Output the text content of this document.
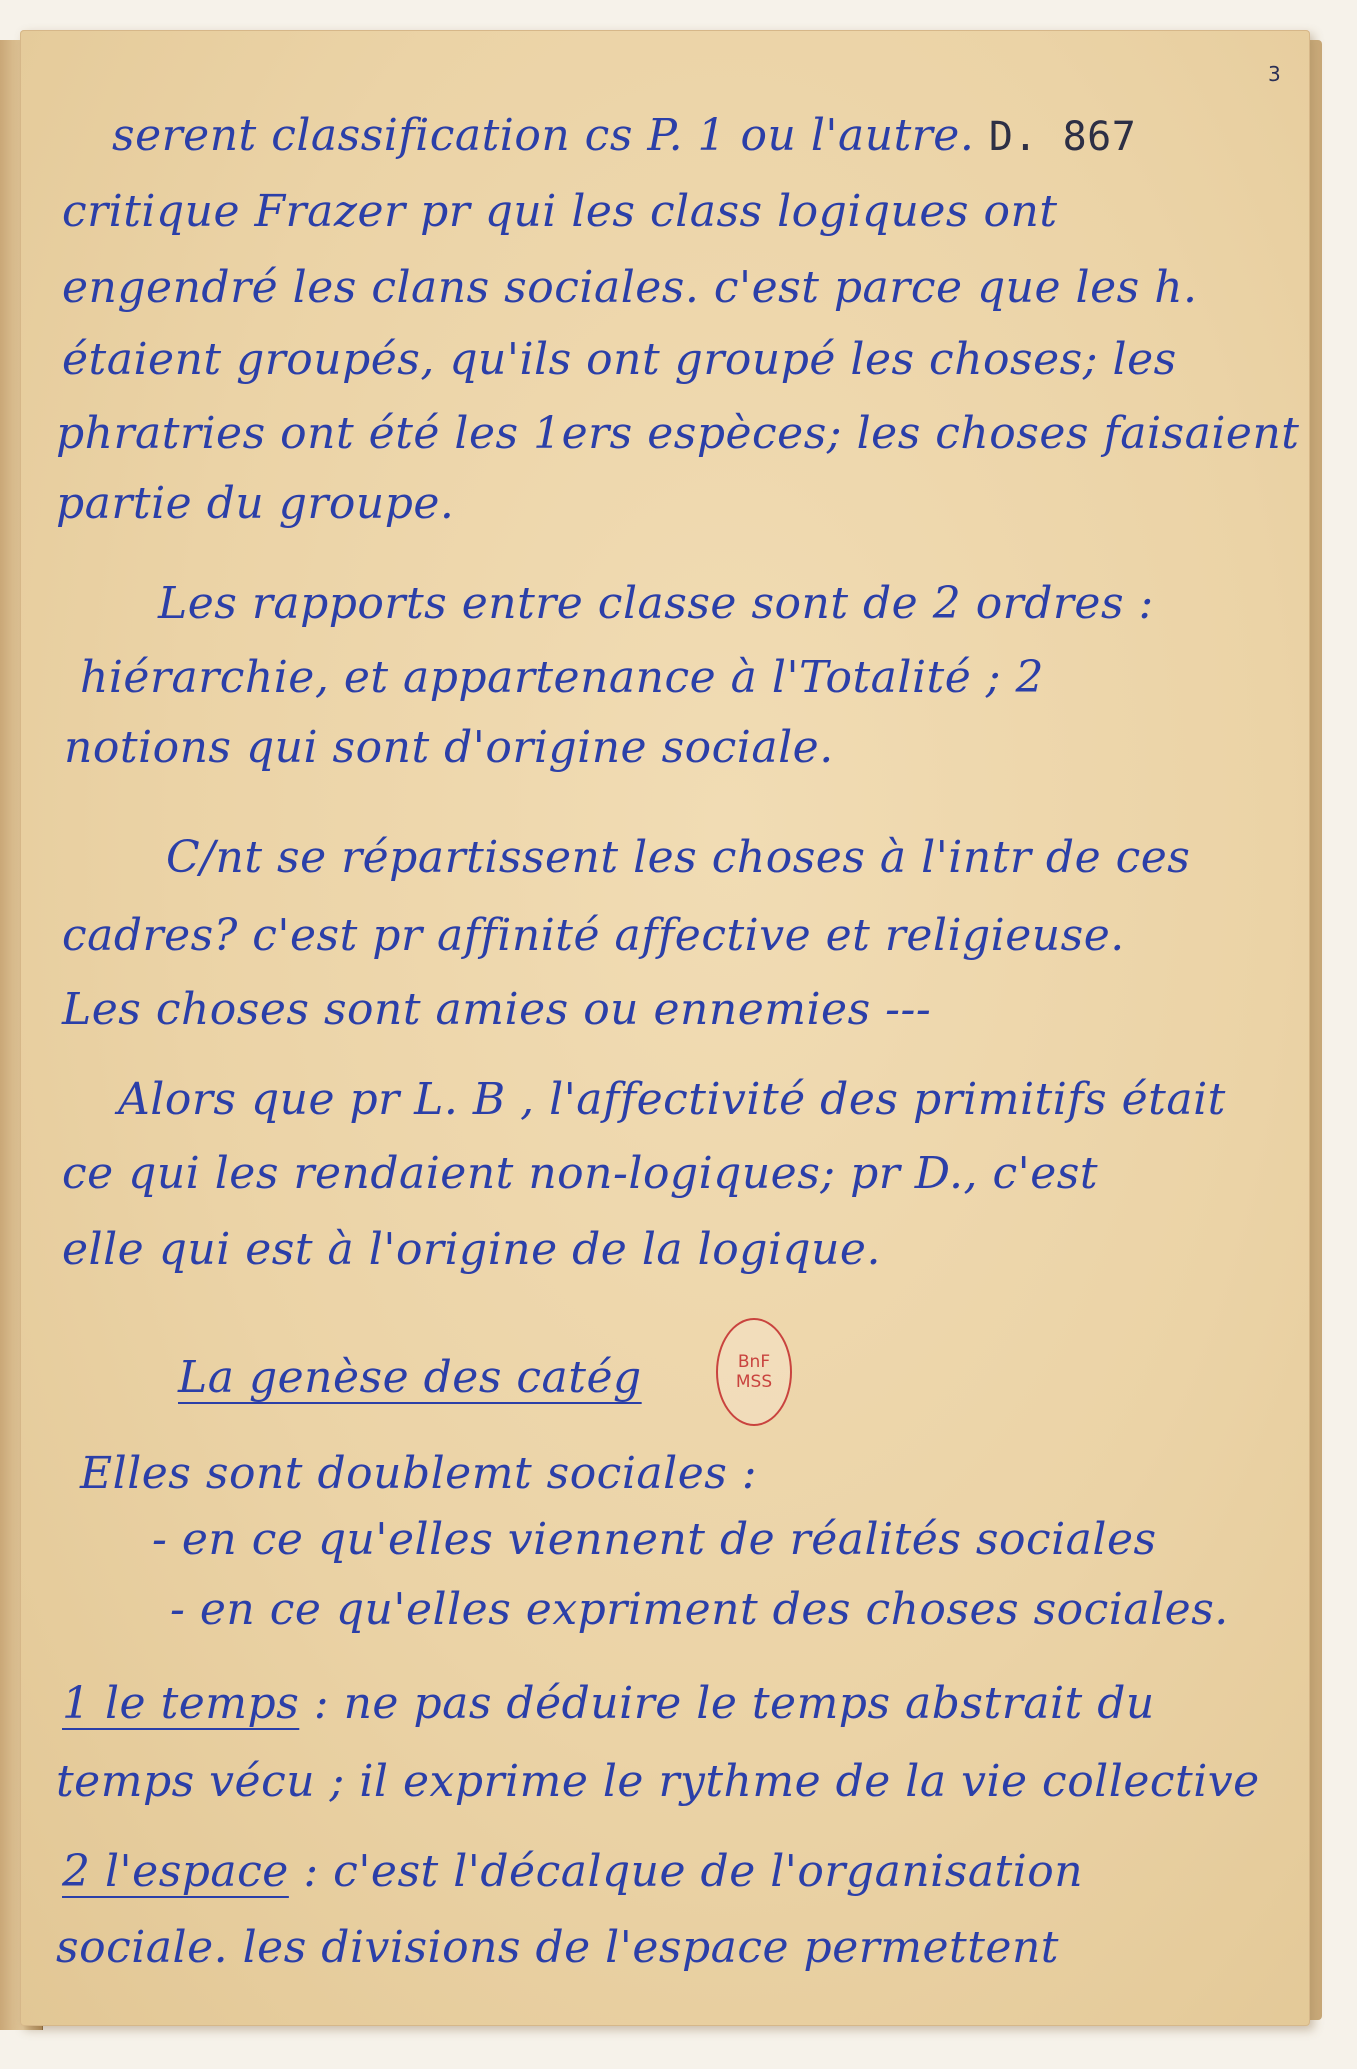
3
serent classification cs P. 1 ou l'autre. D. 867
critique Frazer pr qui les class logiques ont
engendré les clans sociales. c'est parce que les h.
étaient groupés, qu'ils ont groupé les choses; les
phratries ont été les 1ers espèces; les choses faisaient
partie du groupe.
Les rapports entre classe sont de 2 ordres :
hiérarchie, et appartenance à l'Totalité ; 2
notions qui sont d'origine sociale.
C/nt se répartissent les choses à l'intr de ces
cadres? c'est pr affinité affective et religieuse.
Les choses sont amies ou ennemies ---
Alors que pr L. B , l'affectivité des primitifs était
ce qui les rendaient non-logiques; pr D., c'est
elle qui est à l'origine de la logique.
La genèse des catég	BnF
MSS
Elles sont doublemt sociales :
- en ce qu'elles viennent de réalités sociales
- en ce qu'elles expriment des choses sociales.
1 le temps : ne pas déduire le temps abstrait du
temps vécu ; il exprime le rythme de la vie collective
2 l'espace : c'est l'décalque de l'organisation
sociale. les divisions de l'espace permettent
